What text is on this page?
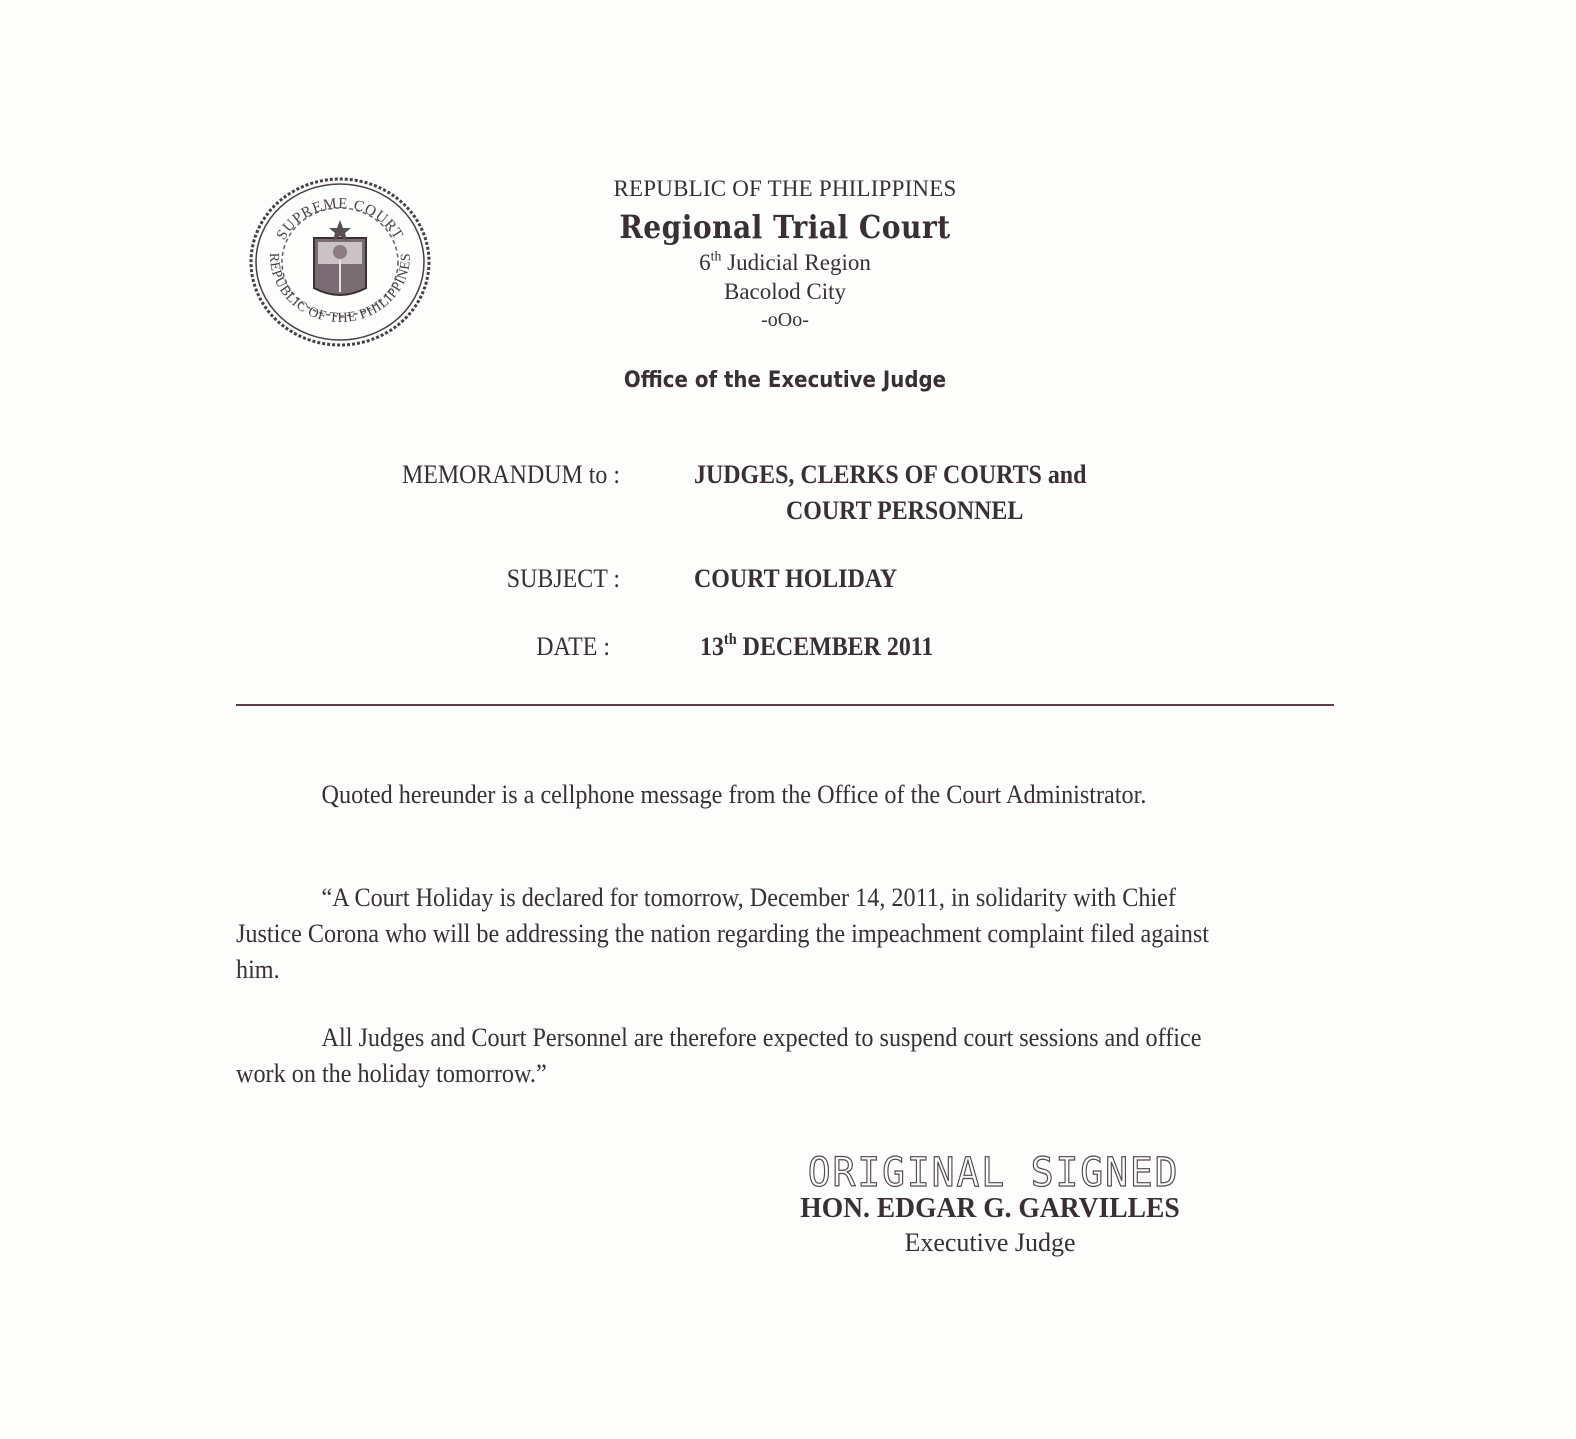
SUPREME COURT
REPUBLIC OF THE PHILIPPINES
REPUBLIC OF THE PHILIPPINES
Regional Trial Court
6th Judicial Region
Bacolod City
-oOo-
Office of the Executive Judge
MEMORANDUM to :	JUDGES, CLERKS OF COURTS and
COURT PERSONNEL
SUBJECT :	COURT HOLIDAY
DATE :	13th DECEMBER 2011
Quoted hereunder is a cellphone message from the Office of the Court Administrator.
“A Court Holiday is declared for tomorrow, December 14, 2011, in solidarity with Chief Justice Corona who will be addressing the nation regarding the impeachment complaint filed against him.
All Judges and Court Personnel are therefore expected to suspend court sessions and office work on the holiday tomorrow.”
ORIGINAL SIGNED
HON. EDGAR G. GARVILLES
Executive Judge
